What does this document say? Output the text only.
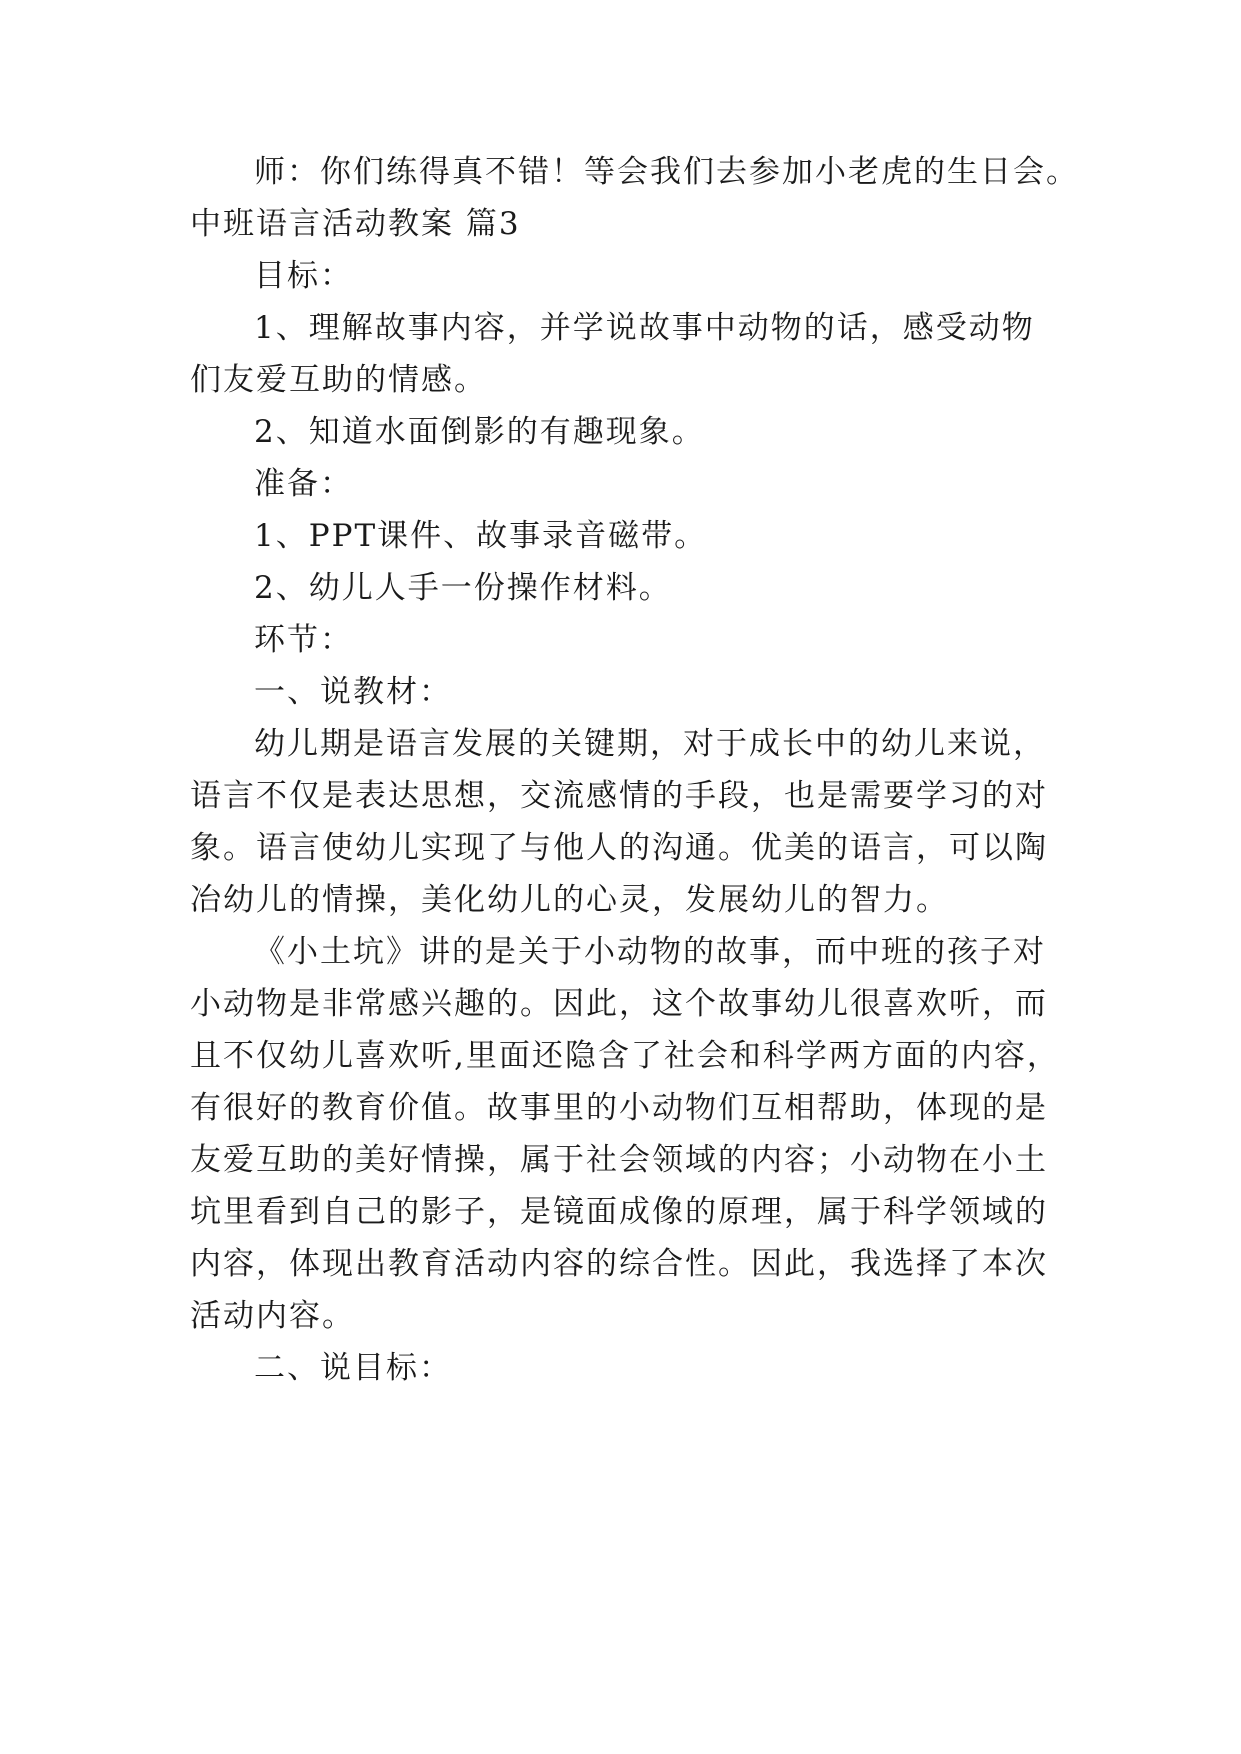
师：你们练得真不错！等会我们去参加小老虎的生日会。
中班语言活动教案 篇3
目标：
1、理解故事内容，并学说故事中动物的话，感受动物
们友爱互助的情感。
2、知道水面倒影的有趣现象。
准备：
1、PPT课件、故事录音磁带。
2、幼儿人手一份操作材料。
环节：
一、说教材：
幼儿期是语言发展的关键期，对于成长中的幼儿来说，
语言不仅是表达思想，交流感情的手段，也是需要学习的对
象。语言使幼儿实现了与他人的沟通。优美的语言，可以陶
冶幼儿的情操，美化幼儿的心灵，发展幼儿的智力。
《小土坑》讲的是关于小动物的故事，而中班的孩子对
小动物是非常感兴趣的。因此，这个故事幼儿很喜欢听，而
且不仅幼儿喜欢听,里面还隐含了社会和科学两方面的内容，
有很好的教育价值。故事里的小动物们互相帮助，体现的是
友爱互助的美好情操，属于社会领域的内容；小动物在小土
坑里看到自己的影子，是镜面成像的原理，属于科学领域的
内容，体现出教育活动内容的综合性。因此，我选择了本次
活动内容。
二、说目标：
